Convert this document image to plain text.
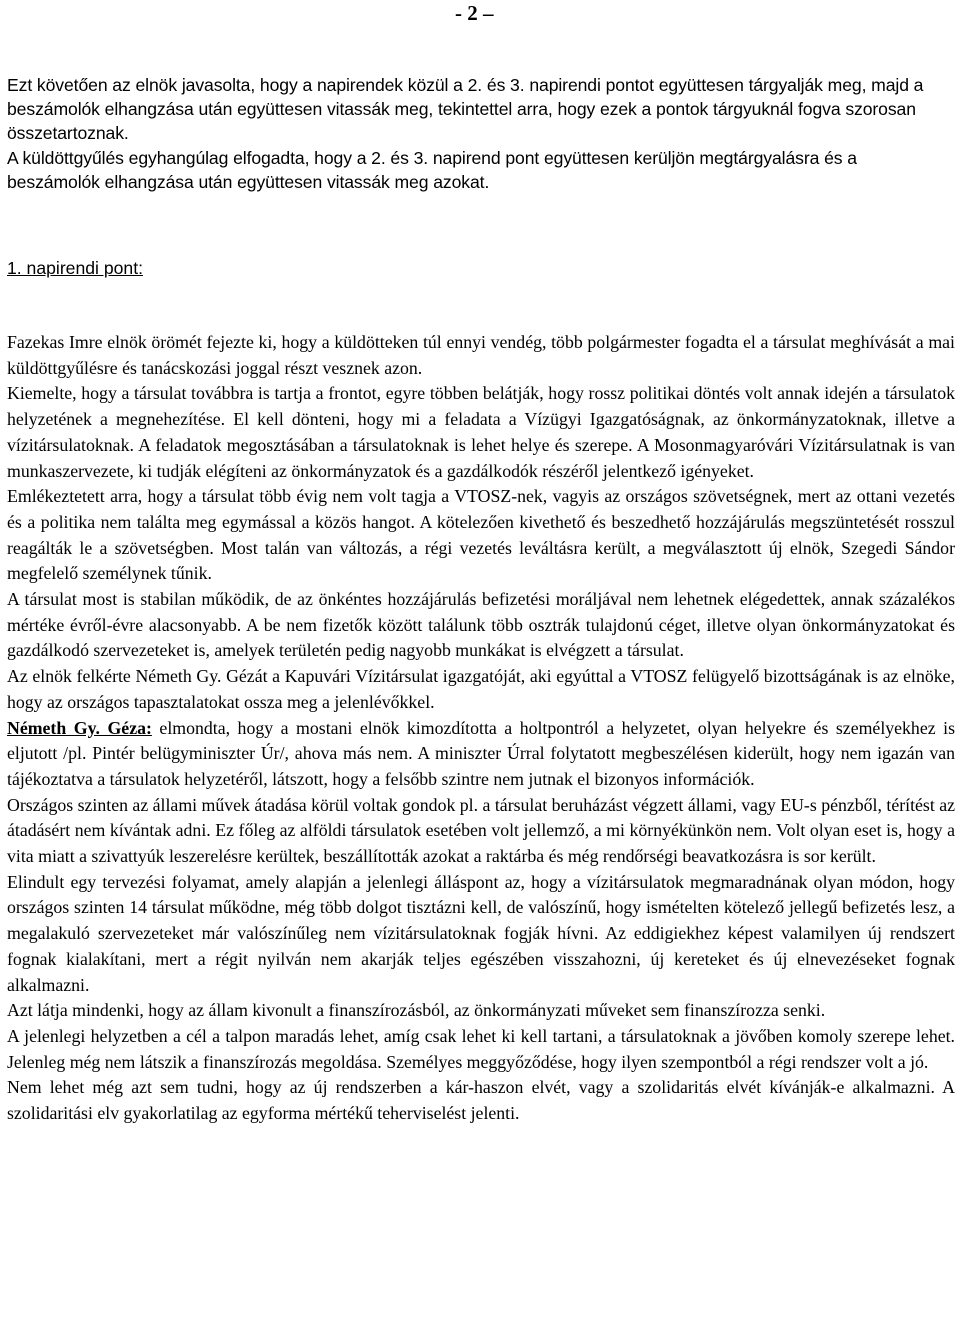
- 2 –

Ezt követően az elnök javasolta, hogy a napirendek közül a 2. és 3. napirendi pontot együttesen tárgyalják meg, majd a beszámolók elhangzása után együttesen vitassák meg, tekintettel arra, hogy ezek a pontok tárgyuknál fogva szorosan összetartoznak.

A küldöttgyűlés egyhangúlag elfogadta, hogy a 2. és 3. napirend pont együttesen kerüljön megtárgyalásra és a beszámolók elhangzása után együttesen vitassák meg azokat.

1. napirendi pont:

Fazekas Imre elnök örömét fejezte ki, hogy a küldötteken túl ennyi vendég, több polgármester fogadta el a társulat meghívását a mai küldöttgyűlésre és tanácskozási joggal részt vesznek azon.

Kiemelte, hogy a társulat továbbra is tartja a frontot, egyre többen belátják, hogy rossz politikai döntés volt annak idején a társulatok helyzetének a megnehezítése. El kell dönteni, hogy mi a feladata a Vízügyi Igazgatóságnak, az önkormányzatoknak, illetve a vízitársulatoknak. A feladatok megosztásában a társulatoknak is lehet helye és szerepe. A Mosonmagyaróvári Vízitársulatnak is van munkaszervezete, ki tudják elégíteni az önkormányzatok és a gazdálkodók részéről jelentkező igényeket.

Emlékeztetett arra, hogy a társulat több évig nem volt tagja a VTOSZ-nek, vagyis az országos szövetségnek, mert az ottani vezetés és a politika nem találta meg egymással a közös hangot. A kötelezően kivethető és beszedhető hozzájárulás megszüntetését rosszul reagálták le a szövetségben. Most talán van változás, a régi vezetés leváltásra került, a megválasztott új elnök, Szegedi Sándor megfelelő személynek tűnik.

A társulat most is stabilan működik, de az önkéntes hozzájárulás befizetési moráljával nem lehetnek elégedettek, annak százalékos mértéke évről-évre alacsonyabb. A be nem fizetők között találunk több osztrák tulajdonú céget, illetve olyan önkormányzatokat és gazdálkodó szervezeteket is, amelyek területén pedig nagyobb munkákat is elvégzett a társulat.

Az elnök felkérte Németh Gy. Gézát a Kapuvári Vízitársulat igazgatóját, aki egyúttal a VTOSZ felügyelő bizottságának is az elnöke, hogy az országos tapasztalatokat ossza meg a jelenlévőkkel.

Németh Gy. Géza: elmondta, hogy a mostani elnök kimozdította a holtpontról a helyzetet, olyan helyekre és személyekhez is eljutott /pl. Pintér belügyminiszter Úr/, ahova más nem. A miniszter Úrral folytatott megbeszélésen kiderült, hogy nem igazán van tájékoztatva a társulatok helyzetéről, látszott, hogy a felsőbb szintre nem jutnak el bizonyos információk.

Országos szinten az állami művek átadása körül voltak gondok pl. a társulat beruházást végzett állami, vagy EU-s pénzből, térítést az átadásért nem kívántak adni. Ez főleg az alföldi társulatok esetében volt jellemző, a mi környékünkön nem. Volt olyan eset is, hogy a vita miatt a szivattyúk leszerelésre kerültek, beszállították azokat a raktárba és még rendőrségi beavatkozásra is sor került.

Elindult egy tervezési folyamat, amely alapján a jelenlegi álláspont az, hogy a vízitársulatok megmaradnának olyan módon, hogy országos szinten 14 társulat működne, még több dolgot tisztázni kell, de valószínű, hogy ismételten kötelező jellegű befizetés lesz, a megalakuló szervezeteket már valószínűleg nem vízitársulatoknak fogják hívni. Az eddigiekhez képest valamilyen új rendszert fognak kialakítani, mert a régit nyilván nem akarják teljes egészében visszahozni, új kereteket és új elnevezéseket fognak alkalmazni.

Azt látja mindenki, hogy az állam kivonult a finanszírozásból, az önkormányzati műveket sem finanszírozza senki.

A jelenlegi helyzetben a cél a talpon maradás lehet, amíg csak lehet ki kell tartani, a társulatoknak a jövőben komoly szerepe lehet. Jelenleg még nem látszik a finanszírozás megoldása. Személyes meggyőződése, hogy ilyen szempontból a régi rendszer volt a jó.

Nem lehet még azt sem tudni, hogy az új rendszerben a kár-haszon elvét, vagy a szolidaritás elvét kívánják-e alkalmazni. A szolidaritási elv gyakorlatilag az egyforma mértékű teherviselést jelenti.
